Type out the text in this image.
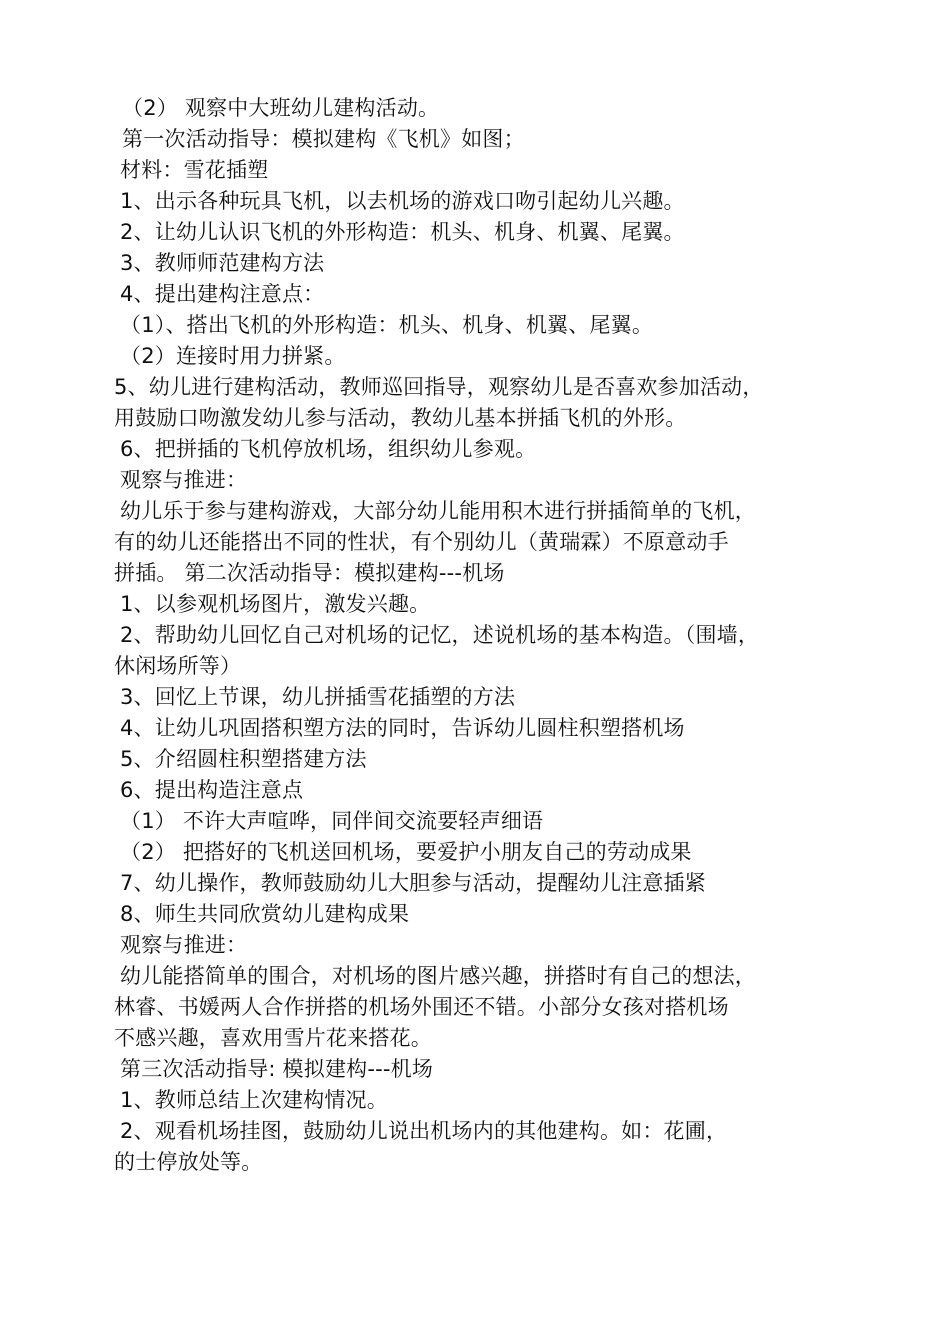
（2） 观察中大班幼儿建构活动。
第一次活动指导：模拟建构《飞机》如图；
材料：雪花插塑
1、出示各种玩具飞机，以去机场的游戏口吻引起幼儿兴趣。
2、让幼儿认识飞机的外形构造：机头、机身、机翼、尾翼。
3、教师师范建构方法
4、提出建构注意点：
（1）、搭出飞机的外形构造：机头、机身、机翼、尾翼。
（2）连接时用力拼紧。
5、幼儿进行建构活动，教师巡回指导，观察幼儿是否喜欢参加活动，
用鼓励口吻激发幼儿参与活动，教幼儿基本拼插飞机的外形。
6、把拼插的飞机停放机场，组织幼儿参观。
观察与推进：
幼儿乐于参与建构游戏，大部分幼儿能用积木进行拼插简单的飞机，
有的幼儿还能搭出不同的性状，有个别幼儿（黄瑞霖）不原意动手
拼插。 第二次活动指导：模拟建构---机场
1、以参观机场图片，激发兴趣。
2、帮助幼儿回忆自己对机场的记忆，述说机场的基本构造。（围墙，
休闲场所等）
3、回忆上节课，幼儿拼插雪花插塑的方法
4、让幼儿巩固搭积塑方法的同时，告诉幼儿圆柱积塑搭机场
5、介绍圆柱积塑搭建方法
6、提出构造注意点
（1） 不许大声喧哗，同伴间交流要轻声细语
（2） 把搭好的飞机送回机场，要爱护小朋友自己的劳动成果
7、幼儿操作，教师鼓励幼儿大胆参与活动，提醒幼儿注意插紧
8、师生共同欣赏幼儿建构成果
观察与推进：
幼儿能搭简单的围合，对机场的图片感兴趣，拼搭时有自己的想法，
林睿、书媛两人合作拼搭的机场外围还不错。小部分女孩对搭机场
不感兴趣，喜欢用雪片花来搭花。
第三次活动指导: 模拟建构---机场
1、教师总结上次建构情况。
2、观看机场挂图，鼓励幼儿说出机场内的其他建构。如：花圃，
的士停放处等。
